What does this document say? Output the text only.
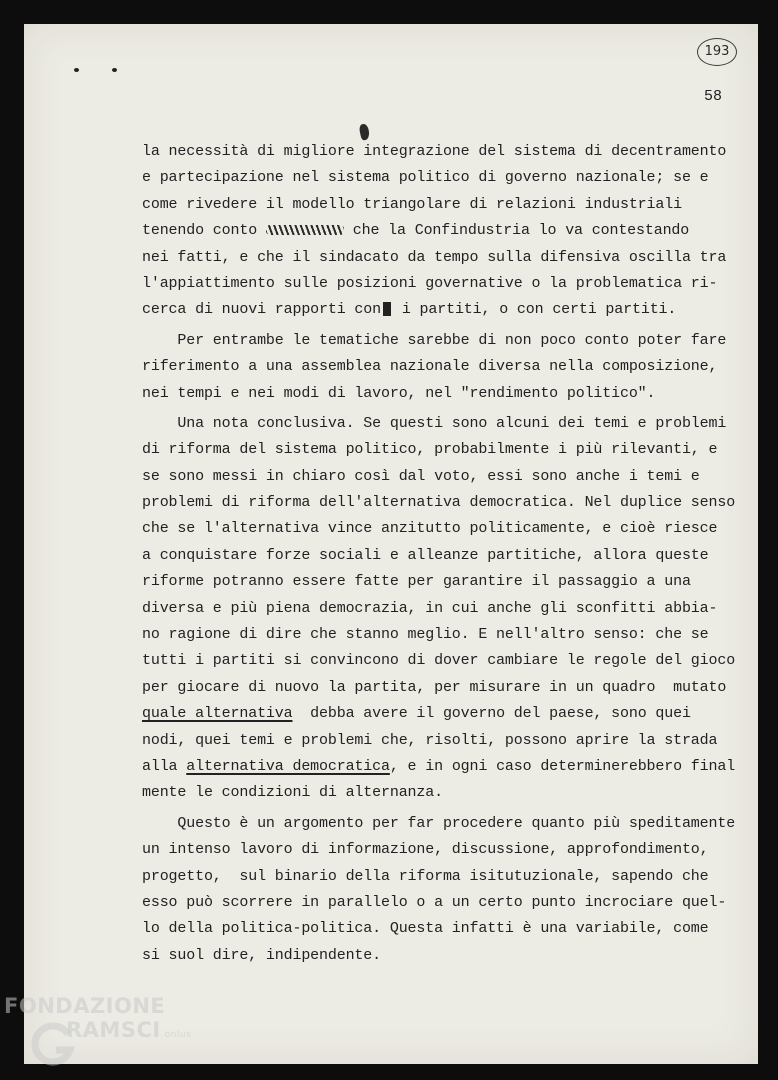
193
58
la necessità di migliore integrazione del sistema di decentramento
e partecipazione nel sistema politico di governo nazionale; se e
come rivedere il modello triangolare di relazioni industriali
tenendo conto	che la Confindustria lo va contestando
nei fatti, e che il sindacato da tempo sulla difensiva oscilla tra
l'appiattimento sulle posizioni governative o la problematica ri-
cerca di nuovi rapporti con i partiti, o con certi partiti.
Per entrambe le tematiche sarebbe di non poco conto poter fare
riferimento a una assemblea nazionale diversa nella composizione,
nei tempi e nei modi di lavoro, nel "rendimento politico".
Una nota conclusiva. Se questi sono alcuni dei temi e problemi
di riforma del sistema politico, probabilmente i più rilevanti, e
se sono messi in chiaro così dal voto, essi sono anche i temi e
problemi di riforma dell'alternativa democratica. Nel duplice senso
che se l'alternativa vince anzitutto politicamente, e cioè riesce
a conquistare forze sociali e alleanze partitiche, allora queste
riforme potranno essere fatte per garantire il passaggio a una
diversa e più piena democrazia, in cui anche gli sconfitti abbia-
no ragione di dire che stanno meglio. E nell'altro senso: che se
tutti i partiti si convincono di dover cambiare le regole del gioco
per giocare di nuovo la partita, per misurare in un quadro  mutato
quale alternativa  debba avere il governo del paese, sono quei
nodi, quei temi e problemi che, risolti, possono aprire la strada
alla alternativa democratica, e in ogni caso determinerebbero final
mente le condizioni di alternanza.
Questo è un argomento per far procedere quanto più speditamente
un intenso lavoro di informazione, discussione, approfondimento,
progetto,  sul binario della riforma isitutuzionale, sapendo che
esso può scorrere in parallelo o a un certo punto incrociare quel-
lo della politica-politica. Questa infatti è una variabile, come
si suol dire, indipendente.
FONDAZIONE
RAMSCI onlus
